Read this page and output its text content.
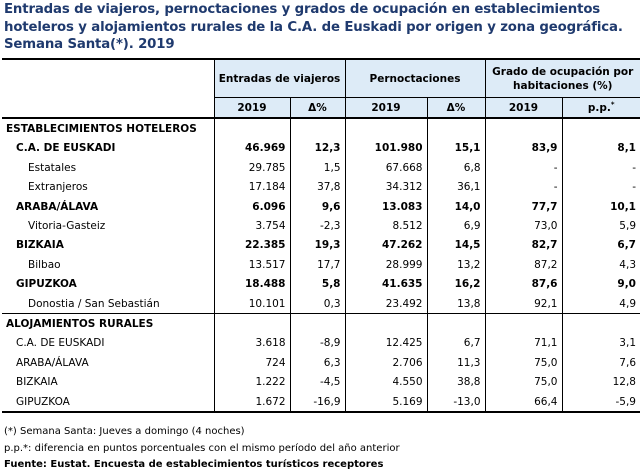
Entradas de viajeros, pernoctaciones y grados de ocupación en establecimientos hoteleros y alojamientos rurales de la C.A. de Euskadi por origen y zona geográfica. Semana Santa(*). 2019
	Entradas de viajeros		Pernoctaciones		Grado de ocupación por habitaciones (%)	
	2019	Δ%	2019	Δ%	2019	p.p.*
ESTABLECIMIENTOS HOTELEROS						
C.A. DE EUSKADI	46.969	12,3	101.980	15,1	83,9	8,1
Estatales	29.785	1,5	67.668	6,8	-	-
Extranjeros	17.184	37,8	34.312	36,1	-	-
ARABA/ÁLAVA	6.096	9,6	13.083	14,0	77,7	10,1
Vitoria-Gasteiz	3.754	-2,3	8.512	6,9	73,0	5,9
BIZKAIA	22.385	19,3	47.262	14,5	82,7	6,7
Bilbao	13.517	17,7	28.999	13,2	87,2	4,3
GIPUZKOA	18.488	5,8	41.635	16,2	87,6	9,0
Donostia / San Sebastián	10.101	0,3	23.492	13,8	92,1	4,9
ALOJAMIENTOS RURALES						
C.A. DE EUSKADI	3.618	-8,9	12.425	6,7	71,1	3,1
ARABA/ÁLAVA	724	6,3	2.706	11,3	75,0	7,6
BIZKAIA	1.222	-4,5	4.550	38,8	75,0	12,8
GIPUZKOA	1.672	-16,9	5.169	-13,0	66,4	-5,9
(*) Semana Santa: Jueves a domingo (4 noches)
p.p.*: diferencia en puntos porcentuales con el mismo período del año anterior
Fuente: Eustat. Encuesta de establecimientos turísticos receptores
